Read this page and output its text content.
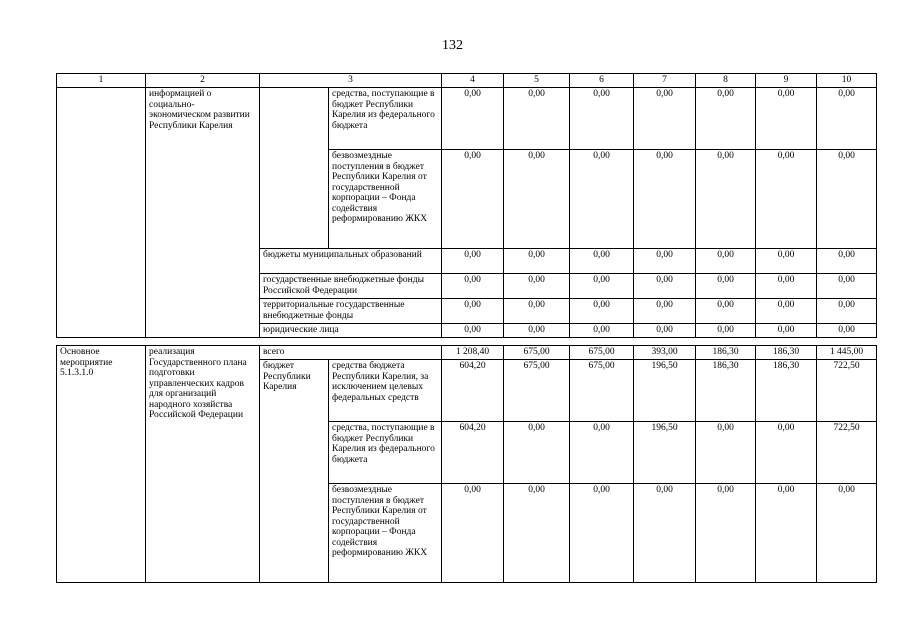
132
1	2	3		4	5	6	7	8	9	10
	информацией о социально-экономическом развитии Республики Карелия		средства, поступающие в бюджет Республики Карелия из федерального бюджета	0,00	0,00	0,00	0,00	0,00	0,00	0,00
			безвозмездные поступления в бюджет Республики Карелия от государственной корпорации – Фонда содействия реформированию ЖКХ	0,00	0,00	0,00	0,00	0,00	0,00	0,00
		бюджеты муниципальных образований		0,00	0,00	0,00	0,00	0,00	0,00	0,00
		государственные внебюджетные фонды Российской Федерации		0,00	0,00	0,00	0,00	0,00	0,00	0,00
		территориальные государственные внебюджетные фонды		0,00	0,00	0,00	0,00	0,00	0,00	0,00
		юридические лица		0,00	0,00	0,00	0,00	0,00	0,00	0,00
Основное мероприятие 5.1.3.1.0	реализация Государственного плана подготовки управленческих кадров для организаций народного хозяйства Российской Федерации	всего		1 208,40	675,00	675,00	393,00	186,30	186,30	1 445,00
		бюджет Республики Карелия	средства бюджета Республики Карелия, за исключением целевых федеральных средств	604,20	675,00	675,00	196,50	186,30	186,30	722,50
			средства, поступающие в бюджет Республики Карелия из федерального бюджета	604,20	0,00	0,00	196,50	0,00	0,00	722,50
			безвозмездные поступления в бюджет Республики Карелия от государственной корпорации – Фонда содействия реформированию ЖКХ	0,00	0,00	0,00	0,00	0,00	0,00	0,00
